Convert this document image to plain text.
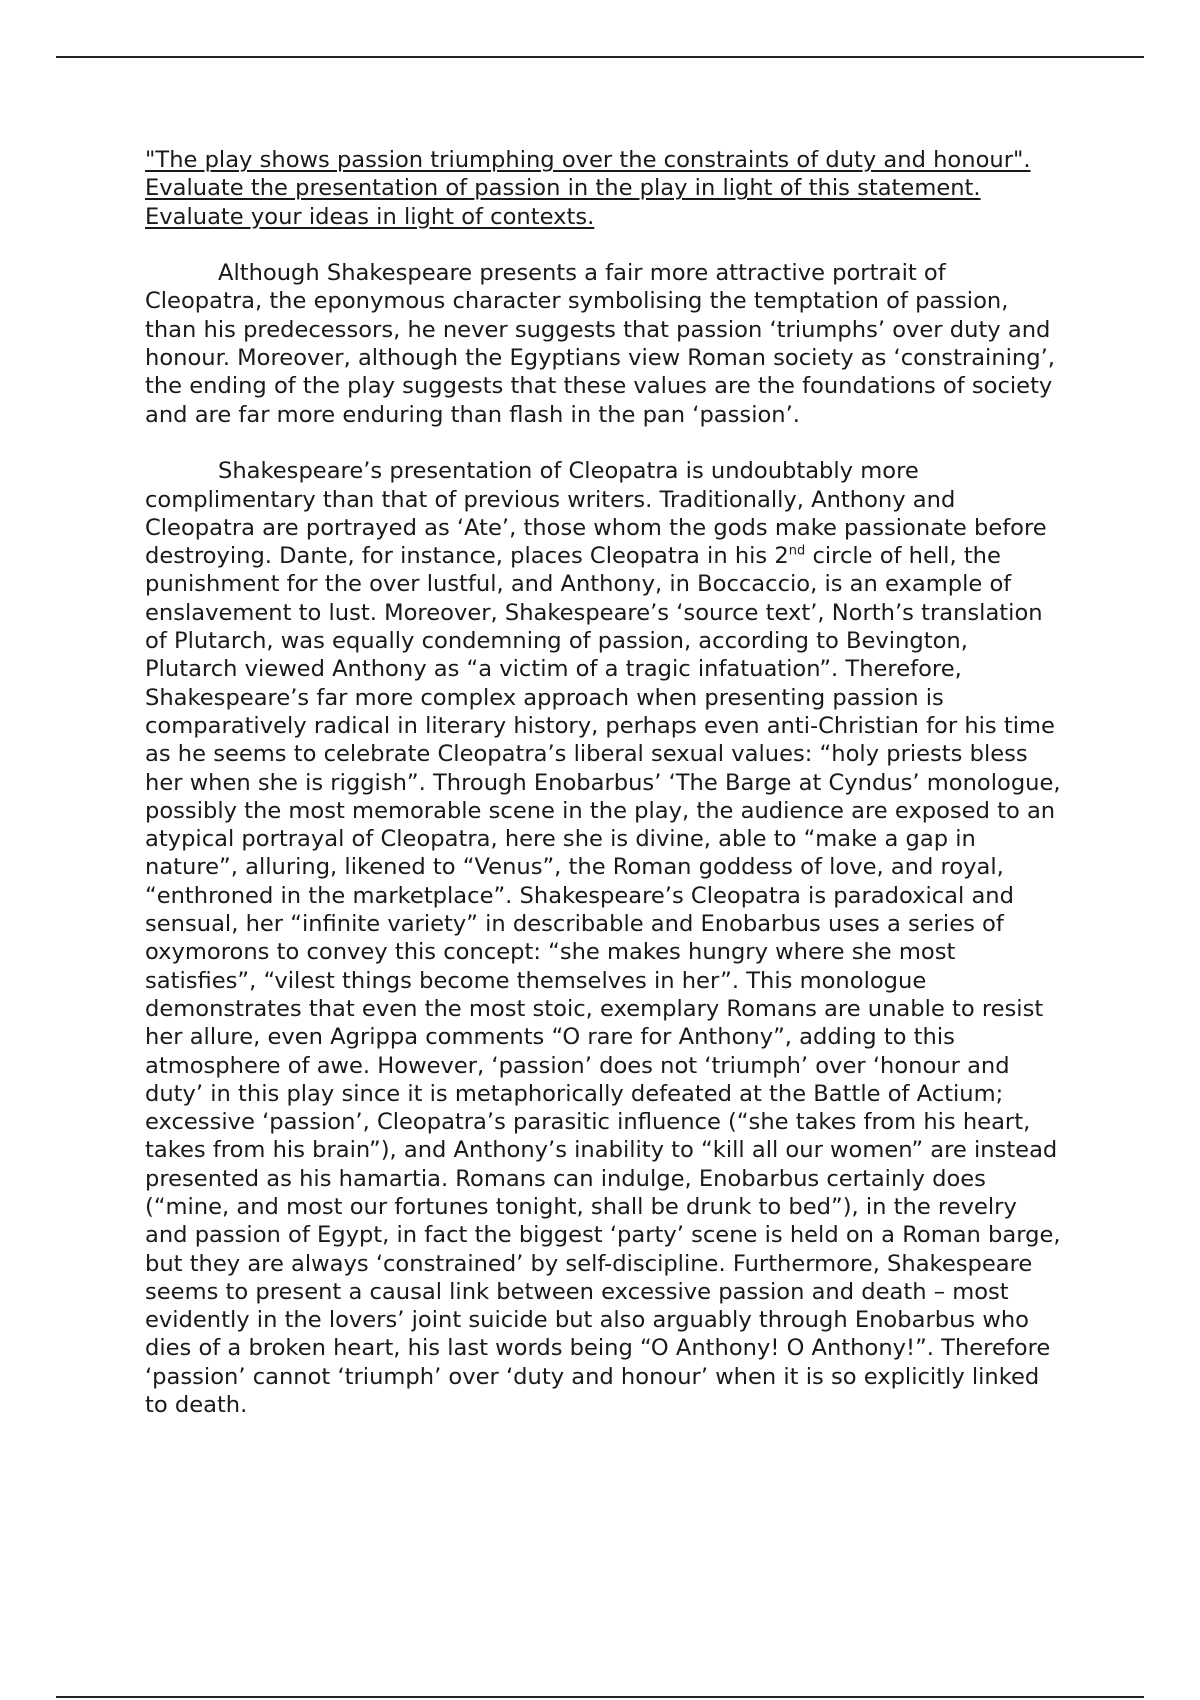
"The play shows passion triumphing over the constraints of duty and honour". Evaluate the presentation of passion in the play in light of this statement. Evaluate your ideas in light of contexts.

Although Shakespeare presents a fair more attractive portrait of Cleopatra, the eponymous character symbolising the temptation of passion, than his predecessors, he never suggests that passion ‘triumphs’ over duty and honour. Moreover, although the Egyptians view Roman society as ‘constraining’, the ending of the play suggests that these values are the foundations of society and are far more enduring than flash in the pan ‘passion’.

Shakespeare’s presentation of Cleopatra is undoubtably more complimentary than that of previous writers. Traditionally, Anthony and Cleopatra are portrayed as ‘Ate’, those whom the gods make passionate before destroying. Dante, for instance, places Cleopatra in his 2nd circle of hell, the punishment for the over lustful, and Anthony, in Boccaccio, is an example of enslavement to lust. Moreover, Shakespeare’s ‘source text’, North’s translation of Plutarch, was equally condemning of passion, according to Bevington, Plutarch viewed Anthony as “a victim of a tragic infatuation”. Therefore, Shakespeare’s far more complex approach when presenting passion is comparatively radical in literary history, perhaps even anti-Christian for his time as he seems to celebrate Cleopatra’s liberal sexual values: “holy priests bless her when she is riggish”. Through Enobarbus’ ‘The Barge at Cyndus’ monologue, possibly the most memorable scene in the play, the audience are exposed to an atypical portrayal of Cleopatra, here she is divine, able to “make a gap in nature”, alluring, likened to “Venus”, the Roman goddess of love, and royal, “enthroned in the marketplace”. Shakespeare’s Cleopatra is paradoxical and sensual, her “infinite variety” in describable and Enobarbus uses a series of oxymorons to convey this concept: “she makes hungry where she most satisfies”, “vilest things become themselves in her”. This monologue demonstrates that even the most stoic, exemplary Romans are unable to resist her allure, even Agrippa comments “O rare for Anthony”, adding to this atmosphere of awe. However, ‘passion’ does not ‘triumph’ over ‘honour and duty’ in this play since it is metaphorically defeated at the Battle of Actium; excessive ‘passion’, Cleopatra’s parasitic influence (“she takes from his heart, takes from his brain”), and Anthony’s inability to “kill all our women” are instead presented as his hamartia. Romans can indulge, Enobarbus certainly does (“mine, and most our fortunes tonight, shall be drunk to bed”), in the revelry and passion of Egypt, in fact the biggest ‘party’ scene is held on a Roman barge, but they are always ‘constrained’ by self-discipline. Furthermore, Shakespeare seems to present a causal link between excessive passion and death – most evidently in the lovers’ joint suicide but also arguably through Enobarbus who dies of a broken heart, his last words being “O Anthony! O Anthony!”. Therefore ‘passion’ cannot ‘triumph’ over ‘duty and honour’ when it is so explicitly linked to death.
